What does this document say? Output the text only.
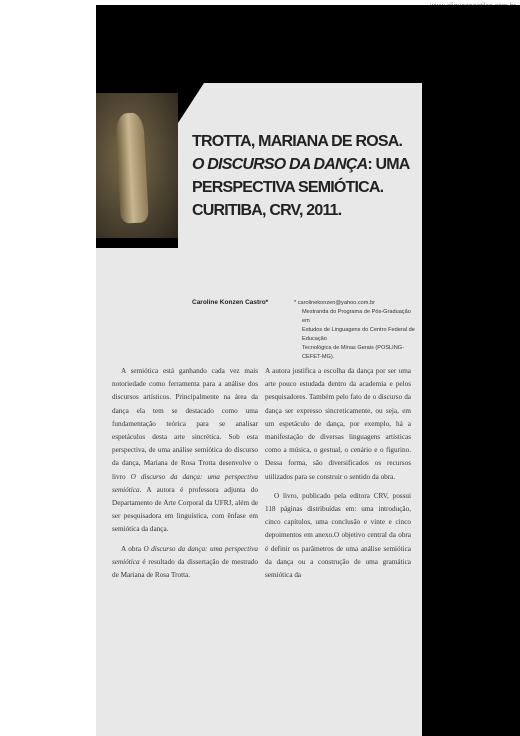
TROTTA, MARIANA DE ROSA. O DISCURSO DA DANÇA: UMA PERSPECTIVA SEMIÓTICA. CURITIBA, CRV, 2011.
Caroline Konzen Castro*	* carolinekonzen@yahoo.com.br
Mestranda do Programa de Pós-Graduação em
Estudos de Linguagens do Centro Federal de Educação
Tecnológica de Minas Gerais (POSLING-CEFET-MG).

A semiótica está ganhando cada vez mais notoriedade como ferramenta para a análise dos discursos artísticos. Principalmente na área da dança ela tem se destacado como uma fundamentação teórica para se analisar espetáculos desta arte sincrética. Sob esta perspectiva, de uma análise semiótica do discurso da dança, Mariana de Rosa Trotta desenvolve o livro O discurso da dança: uma perspectiva semiótica. A autora é professora adjunta do Departamento de Arte Corporal da UFRJ, além de ser pesquisadora em linguística, com ênfase em semiótica da dança.

A obra O discurso da dança: uma perspectiva semiótica é resultado da dissertação de mestrado de Mariana de Rosa Trotta.

A autora justifica a escolha da dança por ser uma arte pouco estudada dentro da academia e pelos pesquisadores. Também pelo fato de o discurso da dança ser expresso sincreticamente, ou seja, em um espetáculo de dança, por exemplo, há a manifestação de diversas linguagens artísticas como a música, o gestual, o cenário e o figurino. Dessa forma, são diversificados os recursos utilizados para se construir o sentido da obra.

O livro, publicado pela editora CRV, possui 118 páginas distribuídas em: uma introdução, cinco capítulos, uma conclusão e vinte e cinco depoimentos em anexo.O objetivo central da obra é definir os parâmetros de uma análise semiótica da dança ou a construção de uma gramática semiótica da
